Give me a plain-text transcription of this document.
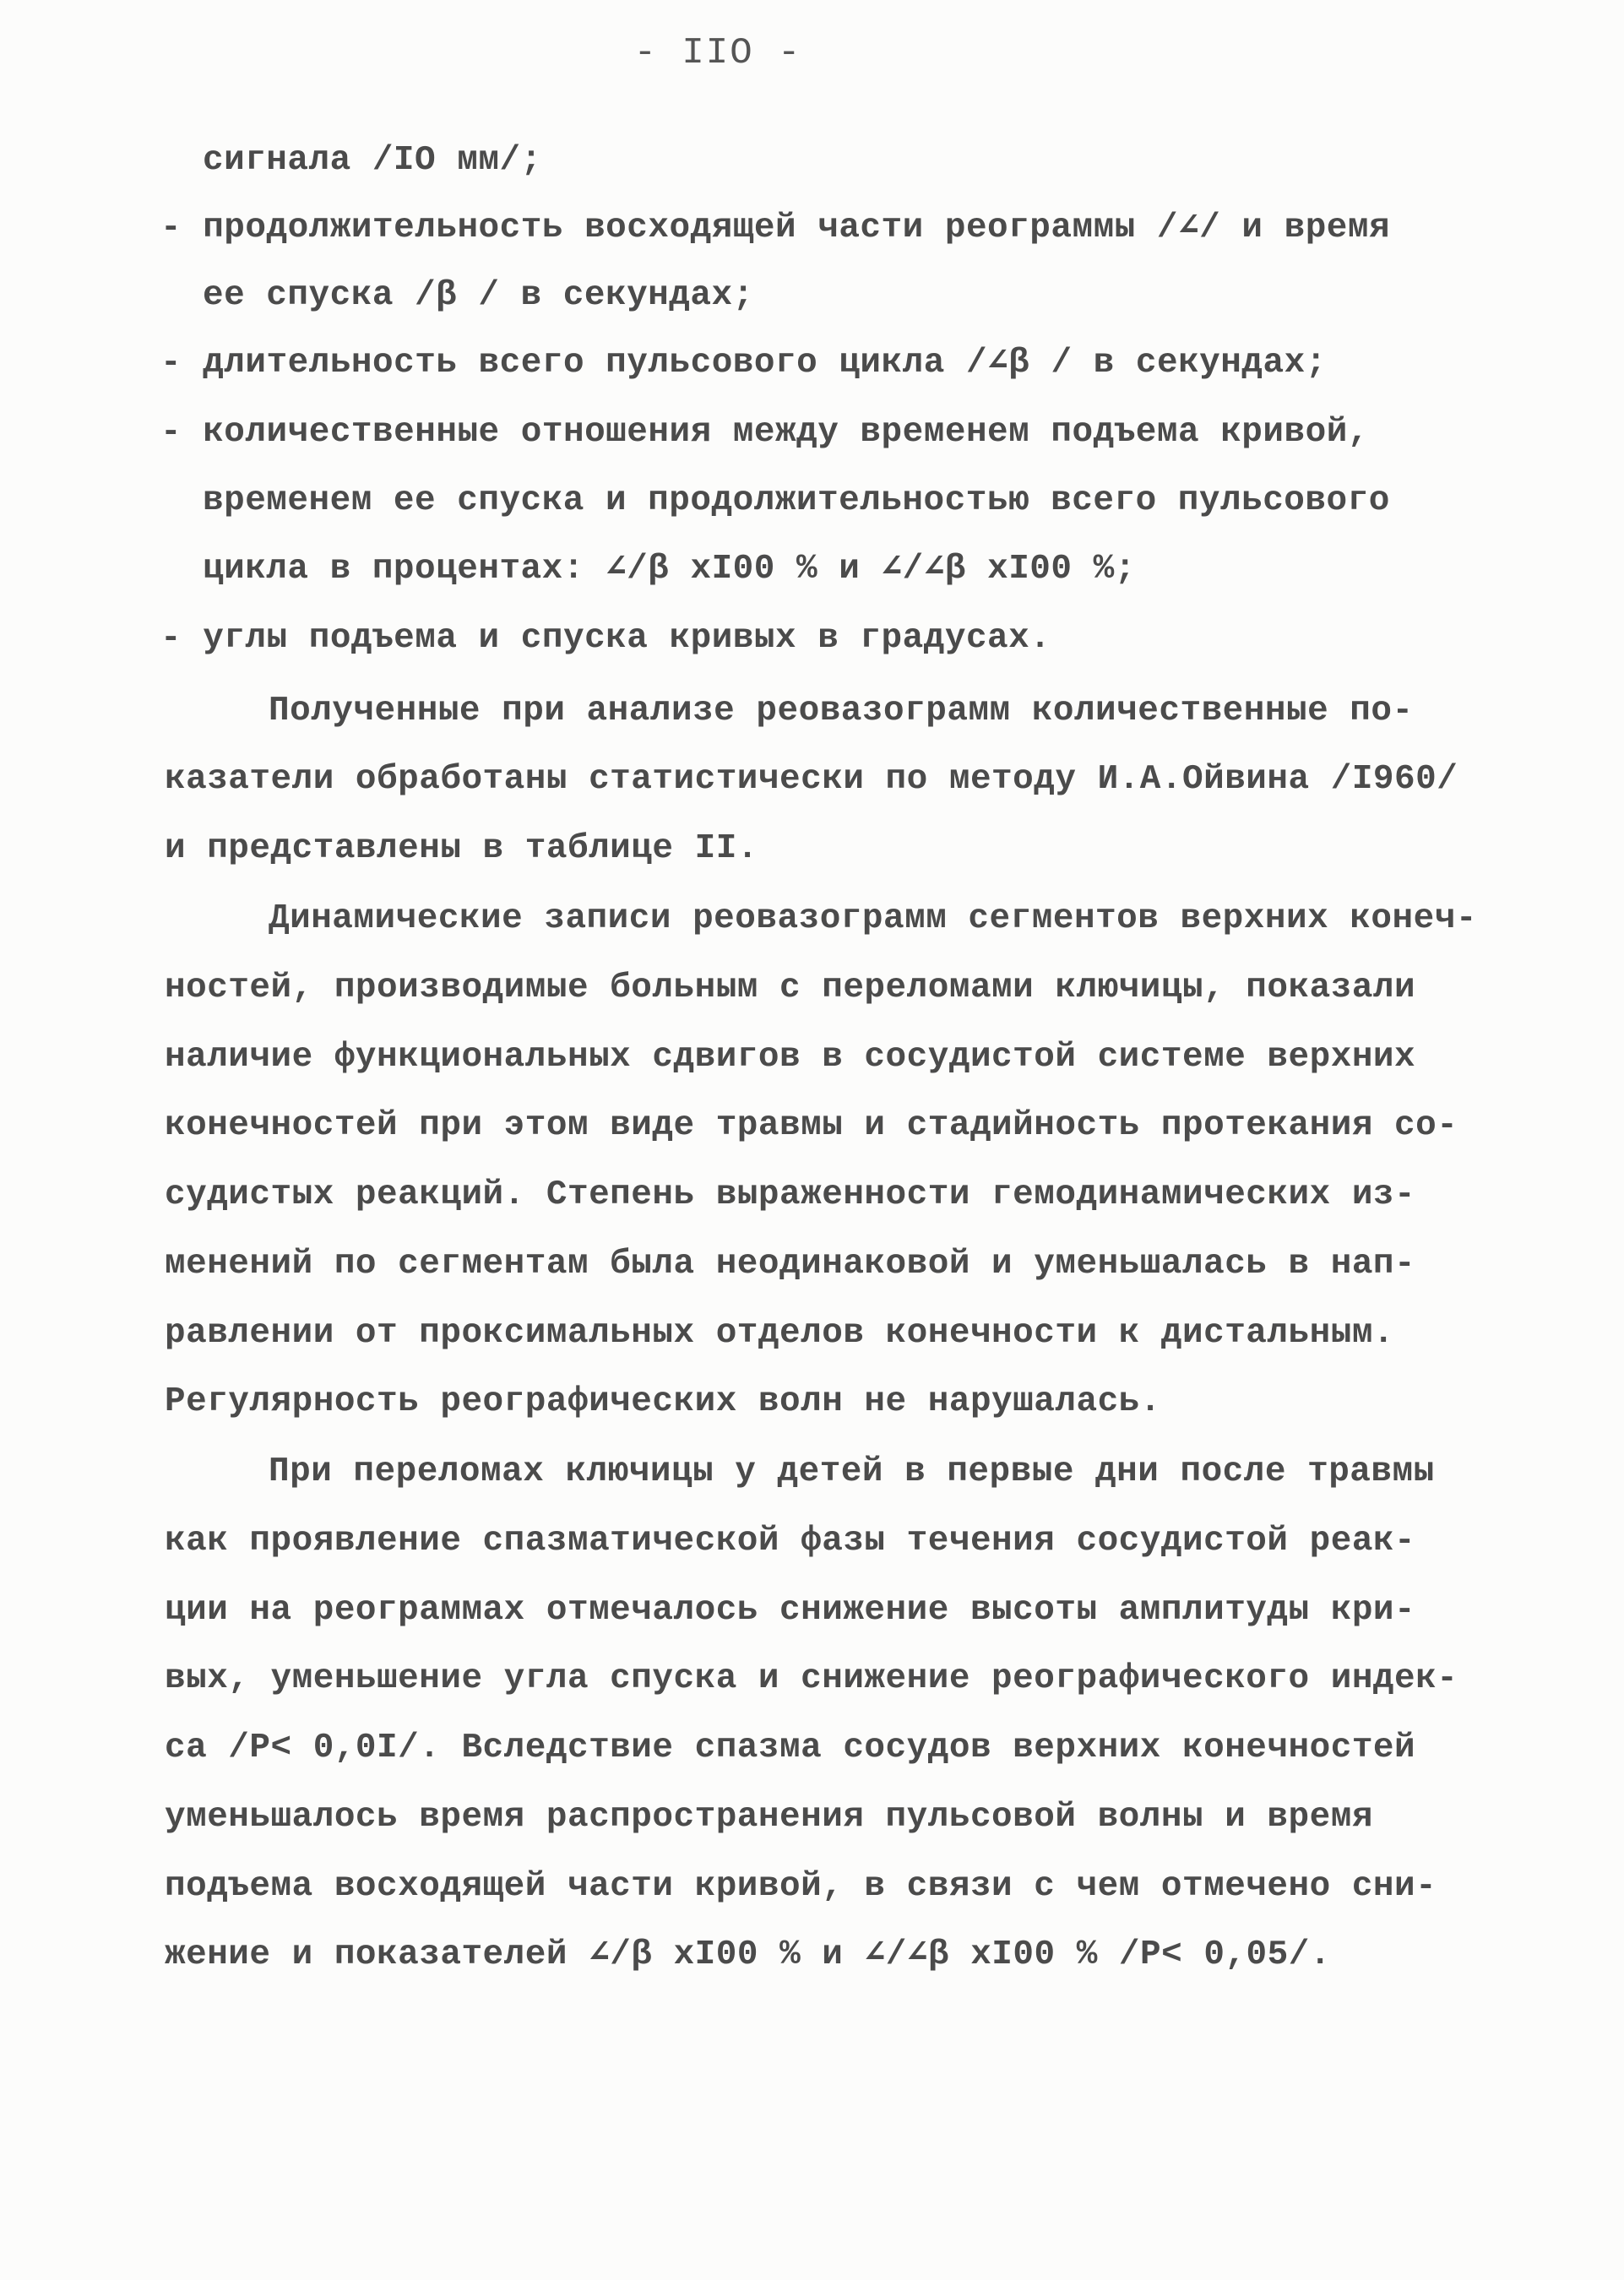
- IIO -
сигнала /IO мм/;
- продолжительность восходящей части реограммы /∠/ и время
ее спуска /β / в секундах;
- длительность всего пульсового цикла /∠β / в секундах;
- количественные отношения между временем подъема кривой,
временем ее спуска и продолжительностью всего пульсового
цикла в процентах: ∠/β xI00 % и ∠/∠β xI00 %;
- углы подъема и спуска кривых в градусах.
Полученные при анализе реовазограмм количественные по-
казатели обработаны статистически по методу И.А.Ойвина /I960/
и представлены в таблице II.
Динамические записи реовазограмм сегментов верхних конеч-
ностей, производимые больным с переломами ключицы, показали
наличие функциональных сдвигов в сосудистой системе верхних
конечностей при этом виде травмы и стадийность протекания со-
судистых реакций. Степень выраженности гемодинамических из-
менений по сегментам была неодинаковой и уменьшалась в нап-
равлении от проксимальных отделов конечности к дистальным.
Регулярность реографических волн не нарушалась.
При переломах ключицы у детей в первые дни после травмы
как проявление спазматической фазы течения сосудистой реак-
ции на реограммах отмечалось снижение высоты амплитуды кри-
вых, уменьшение угла спуска и снижение реографического индек-
са /P< 0,0I/. Вследствие спазма сосудов верхних конечностей
уменьшалось время распространения пульсовой волны и время
подъема восходящей части кривой, в связи с чем отмечено сни-
жение и показателей ∠/β xI00 % и ∠/∠β xI00 % /P< 0,05/.
